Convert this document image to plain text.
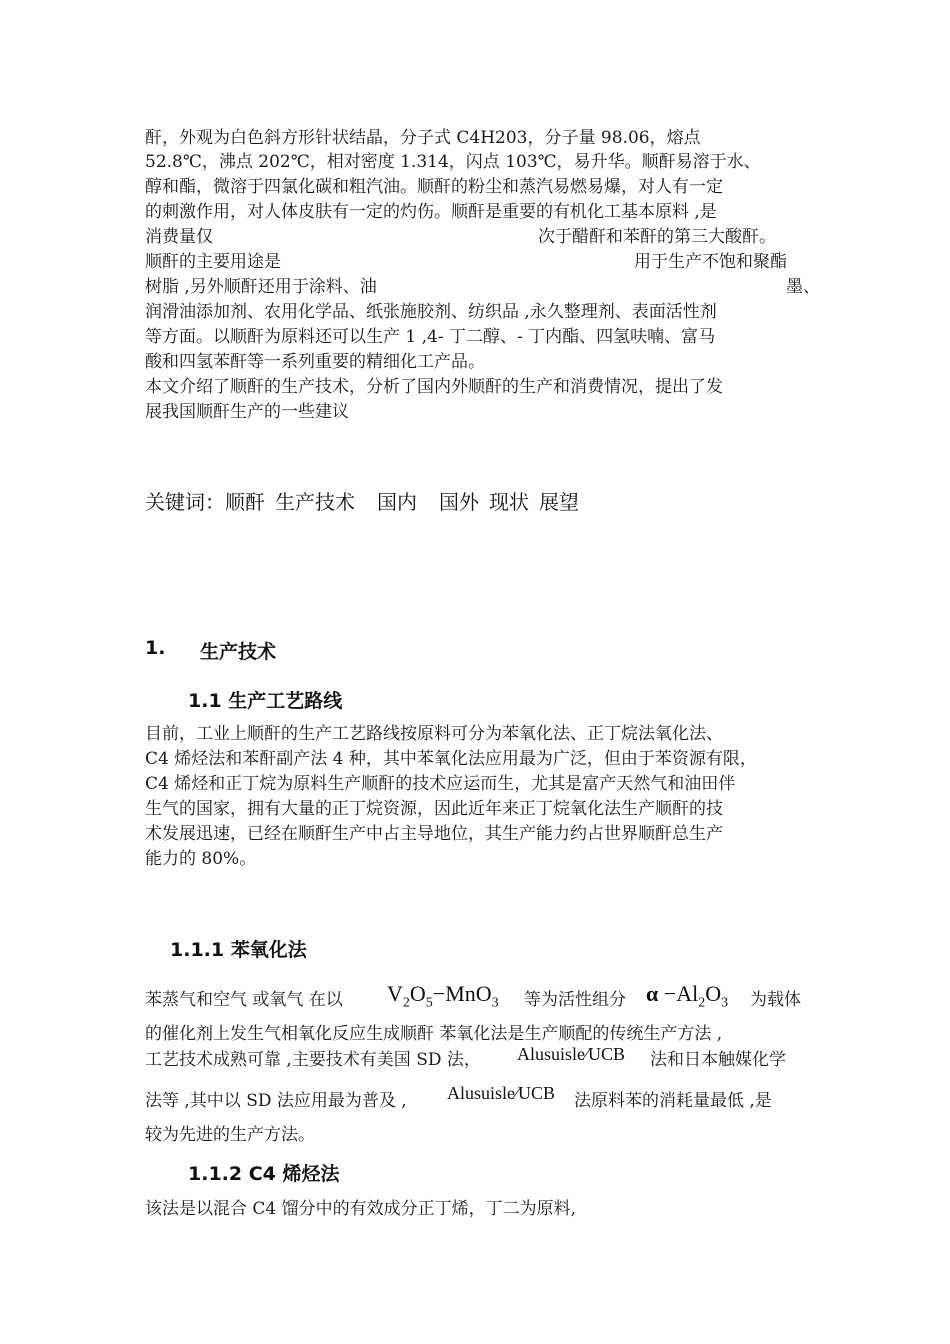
酐，外观为白色斜方形针状结晶，分子式 C4H203，分子量 98.06，熔点
52.8℃，沸点 202℃，相对密度 1.314，闪点 103℃，易升华。顺酐易溶于水、
醇和酯，微溶于四氯化碳和粗汽油。顺酐的粉尘和蒸汽易燃易爆，对人有一定
的刺激作用，对人体皮肤有一定的灼伤。顺酐是重要的有机化工基本原料 ,是
消费量仅	次于醋酐和苯酐的第三大酸酐。
顺酐的主要用途是	用于生产不饱和聚酯
树脂 ,另外顺酐还用于涂料、油	墨、
润滑油添加剂、农用化学品、纸张施胶剂、纺织品 ,永久整理剂、表面活性剂
等方面。以顺酐为原料还可以生产 1 ,4- 丁二醇、- 丁内酯、四氢呋喃、富马
酸和四氢苯酐等一系列重要的精细化工产品。
本文介绍了顺酐的生产技术，分析了国内外顺酐的生产和消费情况，提出了发
展我国顺酐生产的一些建议
关键词：顺酐 生产技术 国内 国外 现状 展望
1. 生产技术
1.1 生产工艺路线
目前，工业上顺酐的生产工艺路线按原料可分为苯氧化法、正丁烷法氧化法、
C4 烯烃法和苯酐副产法 4 种，其中苯氧化法应用最为广泛，但由于苯资源有限，
C4 烯烃和正丁烷为原料生产顺酐的技术应运而生，尤其是富产天然气和油田伴
生气的国家，拥有大量的正丁烷资源，因此近年来正丁烷氧化法生产顺酐的技
术发展迅速，已经在顺酐生产中占主导地位，其生产能力约占世界顺酐总生产
能力的 80%。
1.1.1 苯氧化法
苯蒸气和空气 或氧气 在以 $V_2O_5-MnO_3$ 等为活性组分 $\alpha -Al_2O_3$ 为载体
的催化剂上发生气相氧化反应生成顺酐 苯氧化法是生产顺配的传统生产方法 ,
工艺技术成熟可靠 ,主要技术有美国 SD 法， Alusuisle∕UCB 法和日本触媒化学
法等 ,其中以 SD 法应用最为普及 , Alusuisle∕UCB 法原料苯的消耗量最低 ,是
较为先进的生产方法。
1.1.2 C4 烯烃法
该法是以混合 C4 馏分中的有效成分正丁烯，丁二为原料,
